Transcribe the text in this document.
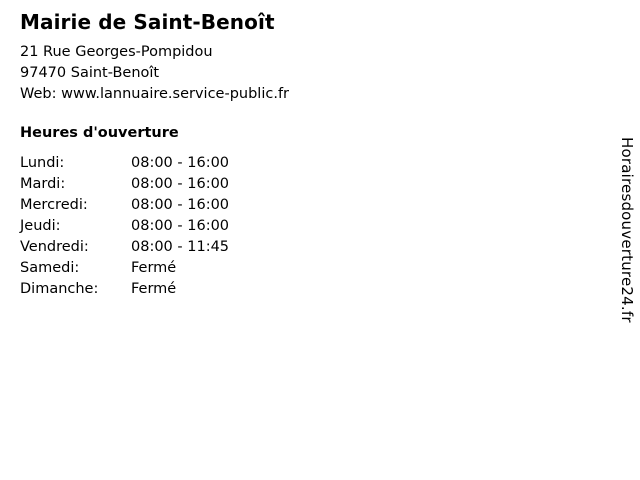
Mairie de Saint-Benoît
21 Rue Georges-Pompidou
97470 Saint-Benoît
Web: www.lannuaire.service-public.fr
Heures d'ouverture
Lundi:	08:00 - 16:00
Mardi:	08:00 - 16:00
Mercredi:	08:00 - 16:00
Jeudi:	08:00 - 16:00
Vendredi:	08:00 - 11:45
Samedi:	Fermé
Dimanche:	Fermé	Horairesdouverture24.fr
